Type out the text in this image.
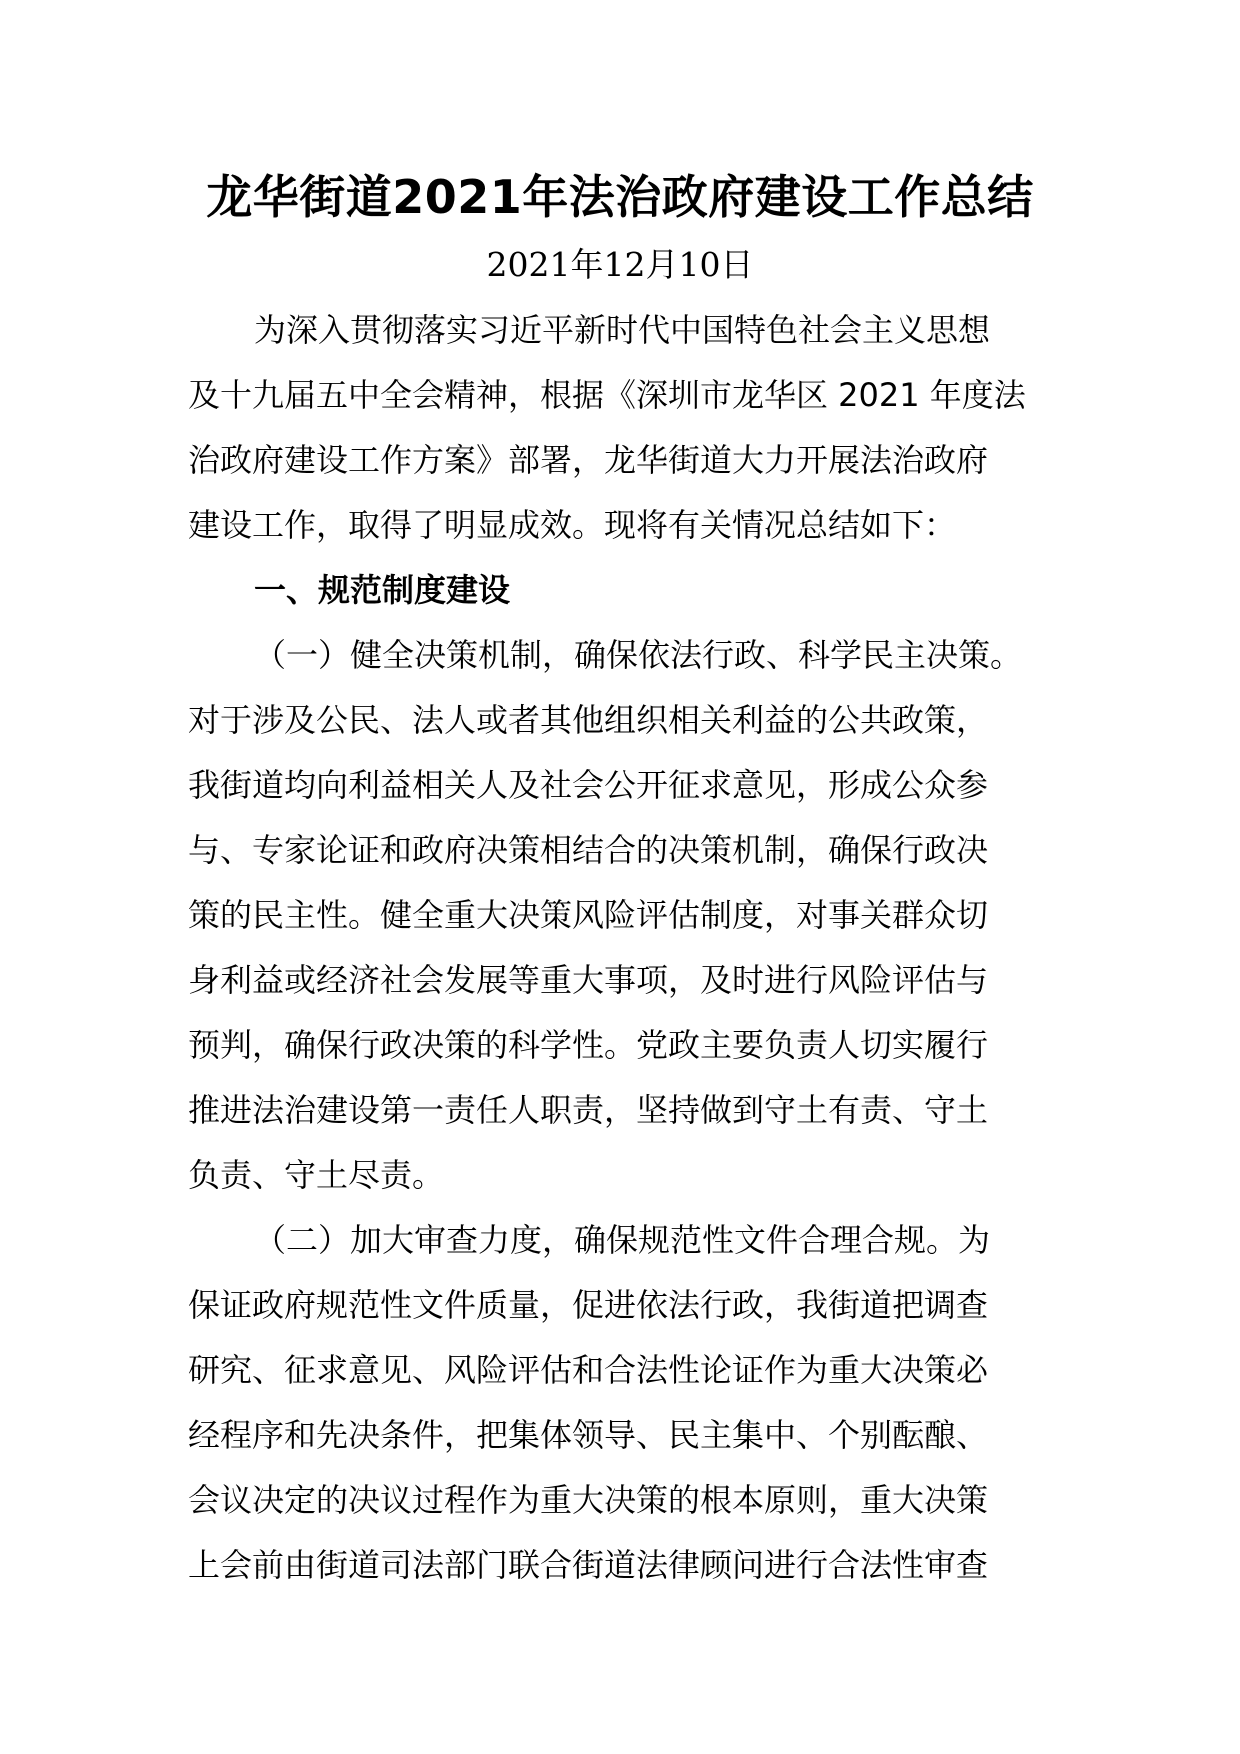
龙华街道2021年法治政府建设工作总结
2021年12月10日
为深入贯彻落实习近平新时代中国特色社会主义思想
及十九届五中全会精神，根据《深圳市龙华区 2021 年度法
治政府建设工作方案》部署，龙华街道大力开展法治政府
建设工作，取得了明显成效。现将有关情况总结如下：
一、规范制度建设
（一）健全决策机制，确保依法行政、科学民主决策。
对于涉及公民、法人或者其他组织相关利益的公共政策，
我街道均向利益相关人及社会公开征求意见，形成公众参
与、专家论证和政府决策相结合的决策机制，确保行政决
策的民主性。健全重大决策风险评估制度，对事关群众切
身利益或经济社会发展等重大事项，及时进行风险评估与
预判，确保行政决策的科学性。党政主要负责人切实履行
推进法治建设第一责任人职责，坚持做到守土有责、守土
负责、守土尽责。
（二）加大审查力度，确保规范性文件合理合规。为
保证政府规范性文件质量，促进依法行政，我街道把调查
研究、征求意见、风险评估和合法性论证作为重大决策必
经程序和先决条件，把集体领导、民主集中、个别酝酿、
会议决定的决议过程作为重大决策的根本原则，重大决策
上会前由街道司法部门联合街道法律顾问进行合法性审查
